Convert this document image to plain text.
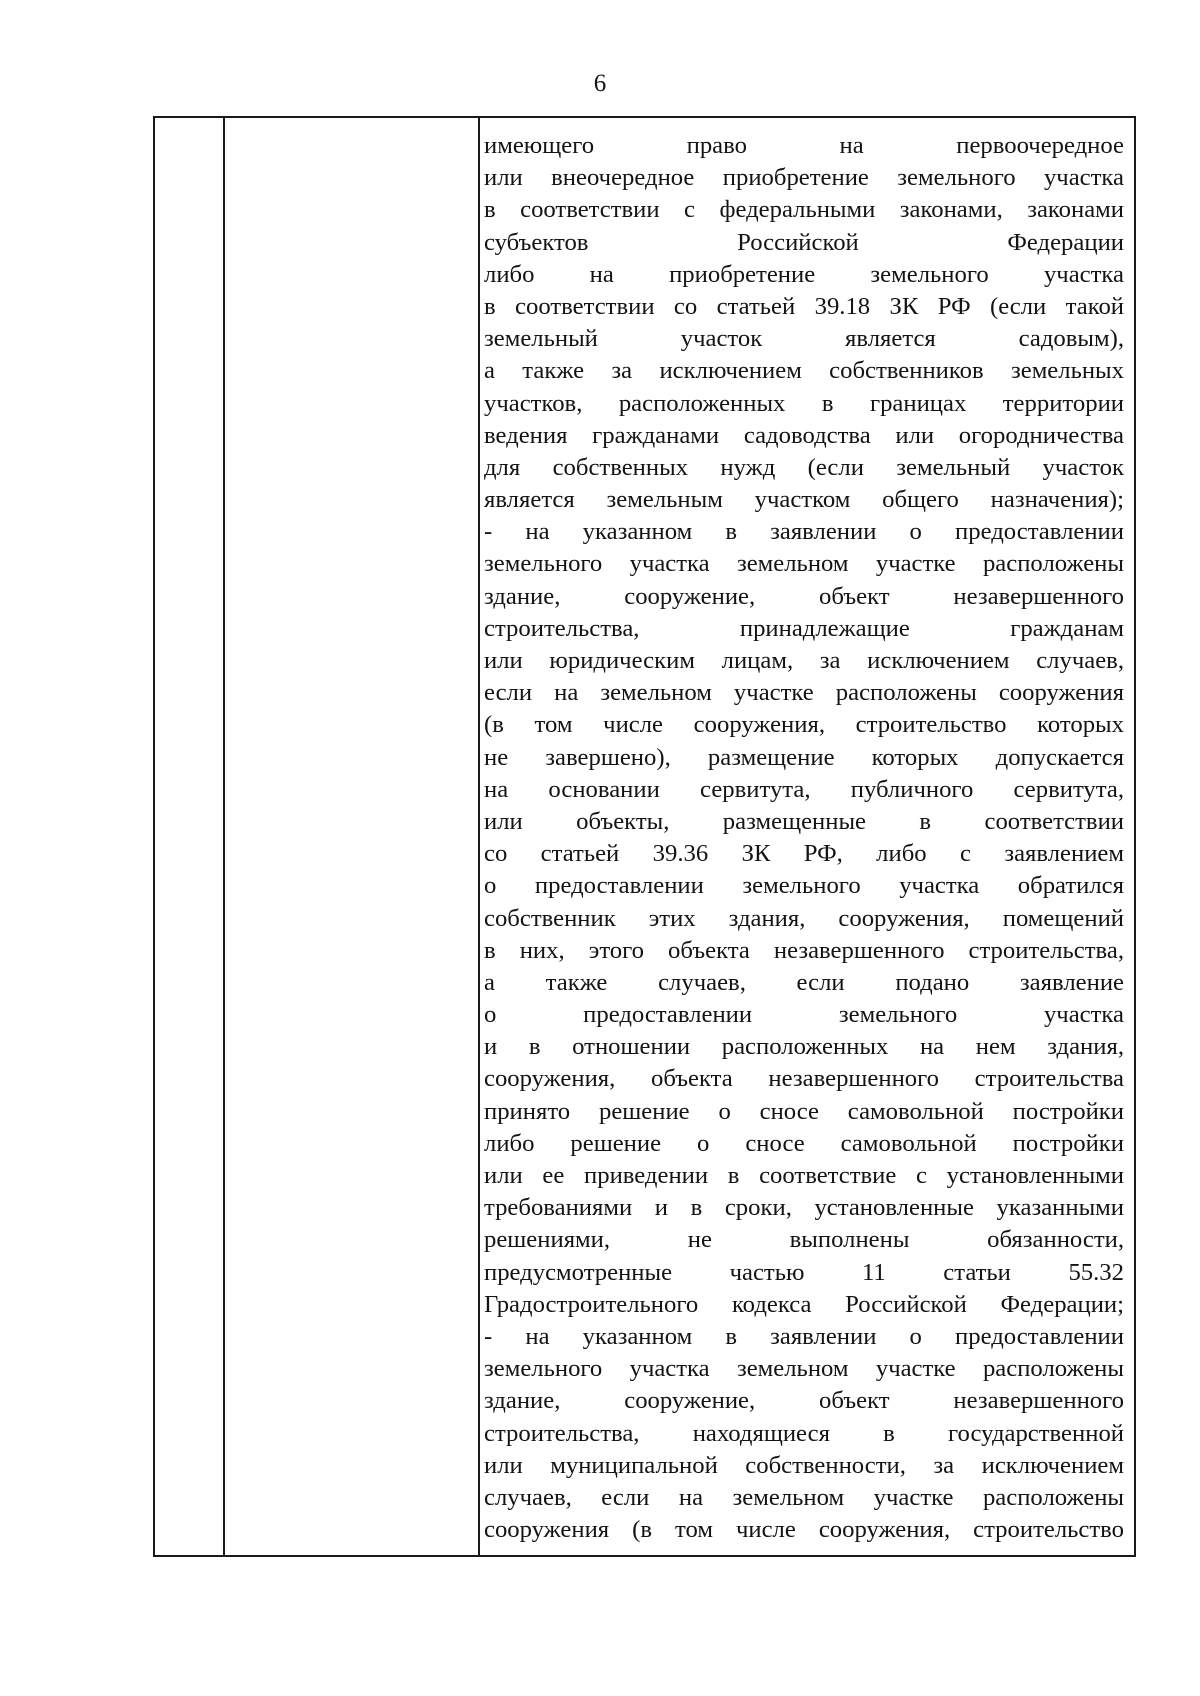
6
имеющего право на первоочередное
или внеочередное приобретение земельного участка
в соответствии с федеральными законами, законами
субъектов Российской Федерации
либо на приобретение земельного участка
в соответствии со статьей 39.18 ЗК РФ (если такой
земельный участок является садовым),
а также за исключением собственников земельных
участков, расположенных в границах территории
ведения гражданами садоводства или огородничества
для собственных нужд (если земельный участок
является земельным участком общего назначения);
- на указанном в заявлении о предоставлении
земельного участка земельном участке расположены
здание, сооружение, объект незавершенного
строительства, принадлежащие гражданам
или юридическим лицам, за исключением случаев,
если на земельном участке расположены сооружения
(в том числе сооружения, строительство которых
не завершено), размещение которых допускается
на основании сервитута, публичного сервитута,
или объекты, размещенные в соответствии
со статьей 39.36 ЗК РФ, либо с заявлением
о предоставлении земельного участка обратился
собственник этих здания, сооружения, помещений
в них, этого объекта незавершенного строительства,
а также случаев, если подано заявление
о предоставлении земельного участка
и в отношении расположенных на нем здания,
сооружения, объекта незавершенного строительства
принято решение о сносе самовольной постройки
либо решение о сносе самовольной постройки
или ее приведении в соответствие с установленными
требованиями и в сроки, установленные указанными
решениями, не выполнены обязанности,
предусмотренные частью 11 статьи 55.32
Градостроительного кодекса Российской Федерации;
- на указанном в заявлении о предоставлении
земельного участка земельном участке расположены
здание, сооружение, объект незавершенного
строительства, находящиеся в государственной
или муниципальной собственности, за исключением
случаев, если на земельном участке расположены
сооружения (в том числе сооружения, строительство
